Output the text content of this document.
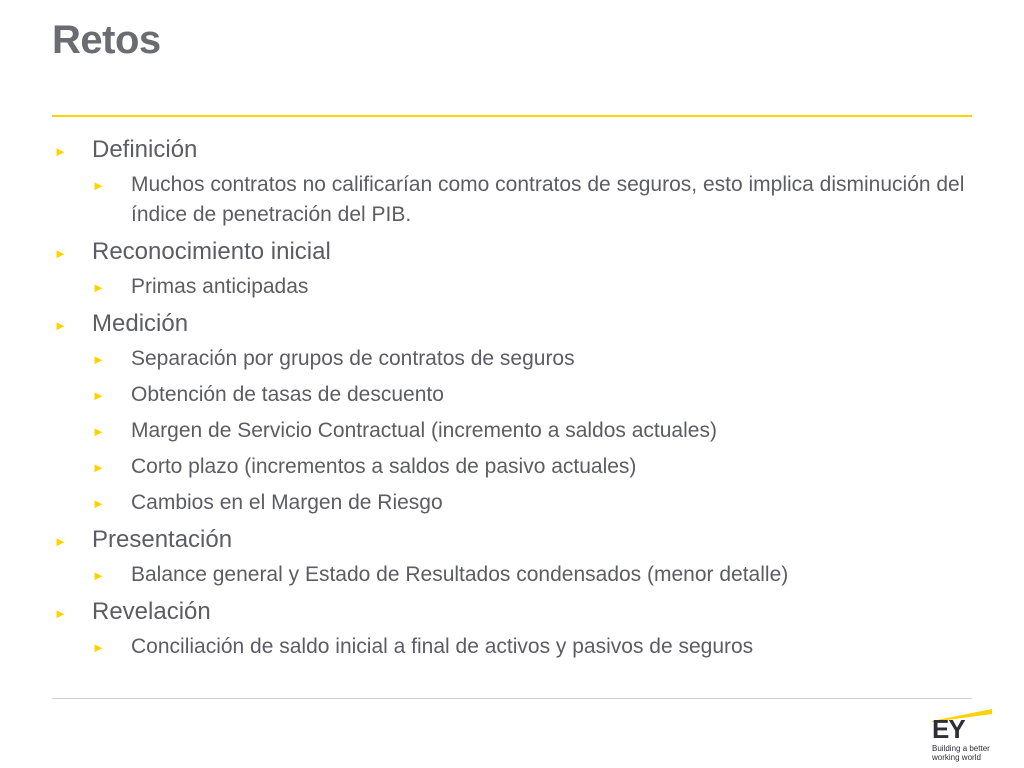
Retos
► Definición
► Muchos contratos no calificarían como contratos de seguros, esto implica disminución del índice de penetración del PIB.
► Reconocimiento inicial
► Primas anticipadas
► Medición
► Separación por grupos de contratos de seguros
► Obtención de tasas de descuento
► Margen de Servicio Contractual (incremento a saldos actuales)
► Corto plazo (incrementos a saldos de pasivo actuales)
► Cambios en el Margen de Riesgo
► Presentación
► Balance general y Estado de Resultados condensados (menor detalle)
► Revelación
► Conciliación de saldo inicial a final de activos y pasivos de seguros
EY
Building a better
working world
